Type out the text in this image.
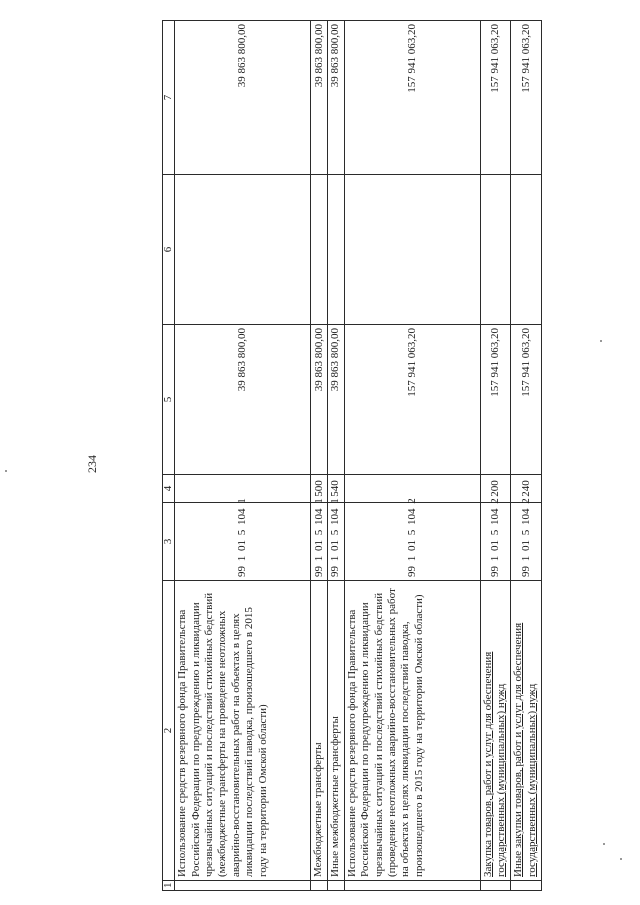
234
1	2	3	4	5	6	7
	Использование средств резервного фонда Правительства Российской Федерации по предупреждению и ликвидации чрезвычайных ситуаций и последствий стихийных бедствий (межбюджетные трансферты на проведение неотложных аварийно-восстановительных работ на объектах в целях ликвидации последствий паводка, произошедшего в 2015 году на территории Омской области)	99 1 01 5 104 1		39 863 800,00		39 863 800,00
	Межбюджетные трансферты	99 1 01 5 104 1	500	39 863 800,00		39 863 800,00
	Иные межбюджетные трансферты	99 1 01 5 104 1	540	39 863 800,00		39 863 800,00
	Использование средств резервного фонда Правительства Российской Федерации по предупреждению и ликвидации чрезвычайных ситуаций и последствий стихийных бедствий (проведение неотложных аварийно-восстановительных работ на объектах в целях ликвидации последствий паводка, произошедшего в 2015 году на территории Омской области)	99 1 01 5 104 2		157 941 063,20		157 941 063,20
	Закупка товаров, работ и услуг для обеспечения государственных (муниципальных) нужд	99 1 01 5 104 2	200	157 941 063,20		157 941 063,20
	Иные закупки товаров, работ и услуг для обеспечения государственных (муниципальных) нужд	99 1 01 5 104 2	240	157 941 063,20		157 941 063,20
